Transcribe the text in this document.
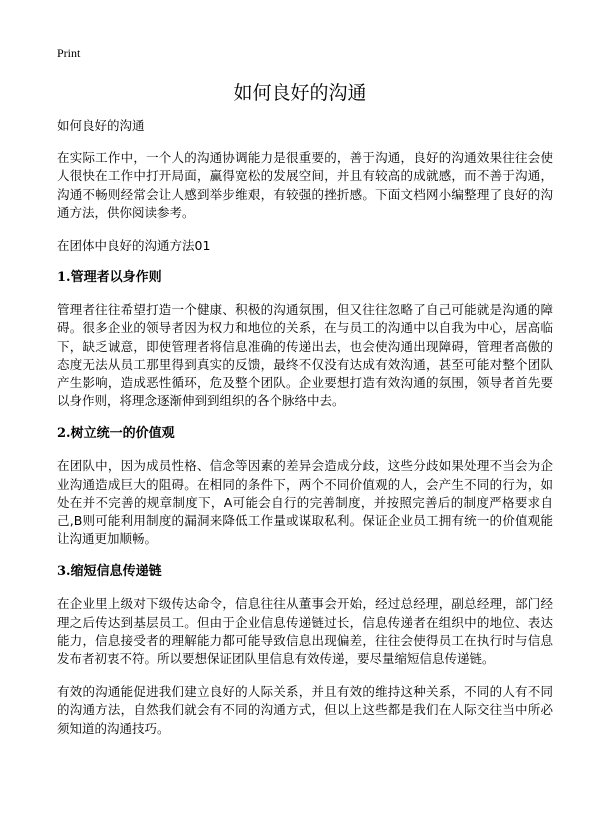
Print
如何良好的沟通

如何良好的沟通

在实际工作中，一个人的沟通协调能力是很重要的，善于沟通，良好的沟通效果往往会使人很快在工作中打开局面，赢得宽松的发展空间，并且有较高的成就感，而不善于沟通，沟通不畅则经常会让人感到举步维艰，有较强的挫折感。下面文档网小编整理了良好的沟通方法，供你阅读参考。

在团体中良好的沟通方法01

1.管理者以身作则

管理者往往希望打造一个健康、积极的沟通氛围，但又往往忽略了自己可能就是沟通的障碍。很多企业的领导者因为权力和地位的关系，在与员工的沟通中以自我为中心，居高临下，缺乏诚意，即使管理者将信息准确的传递出去，也会使沟通出现障碍，管理者高傲的态度无法从员工那里得到真实的反馈，最终不仅没有达成有效沟通，甚至可能对整个团队产生影响，造成恶性循环，危及整个团队。企业要想打造有效沟通的氛围，领导者首先要以身作则，将理念逐渐伸到到组织的各个脉络中去。

2.树立统一的价值观

在团队中，因为成员性格、信念等因素的差异会造成分歧，这些分歧如果处理不当会为企业沟通造成巨大的阻碍。在相同的条件下，两个不同价值观的人，会产生不同的行为，如处在并不完善的规章制度下，A可能会自行的完善制度，并按照完善后的制度严格要求自己,B则可能利用制度的漏洞来降低工作量或谋取私利。保证企业员工拥有统一的价值观能让沟通更加顺畅。

3.缩短信息传递链

在企业里上级对下级传达命令，信息往往从董事会开始，经过总经理，副总经理，部门经理之后传达到基层员工。但由于企业信息传递链过长，信息传递者在组织中的地位、表达能力，信息接受者的理解能力都可能导致信息出现偏差，往往会使得员工在执行时与信息发布者初衷不符。所以要想保证团队里信息有效传递，要尽量缩短信息传递链。

有效的沟通能促进我们建立良好的人际关系，并且有效的维持这种关系，不同的人有不同的沟通方法，自然我们就会有不同的沟通方式，但以上这些都是我们在人际交往当中所必须知道的沟通技巧。
